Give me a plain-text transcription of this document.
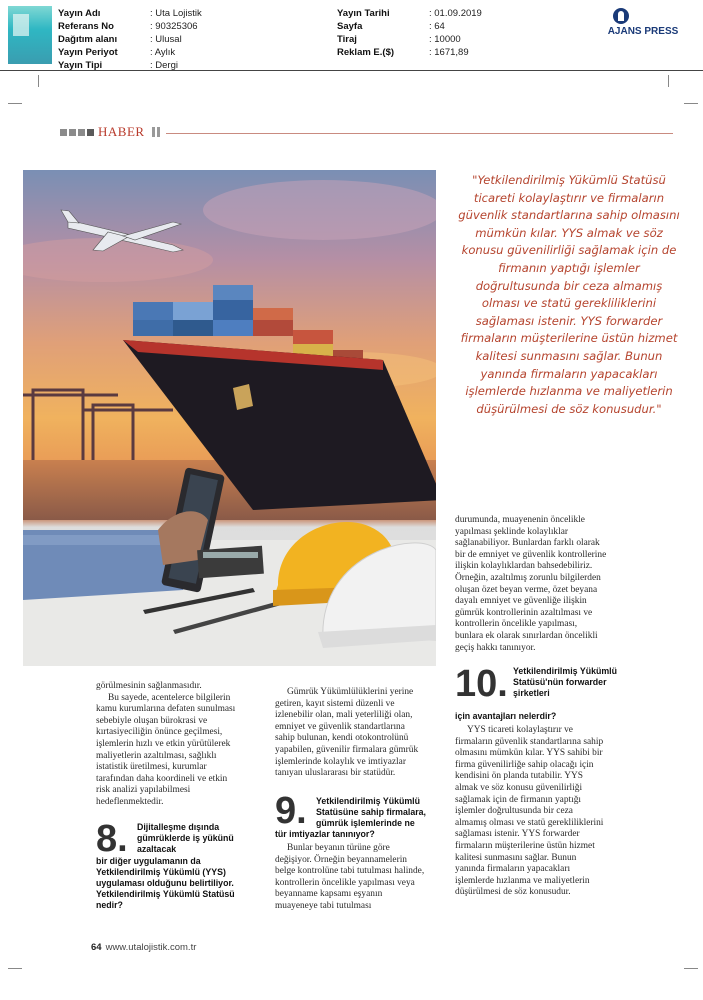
Yayın Adı	: Uta Lojistik
Referans No	: 90325306
Dağıtım alanı	: Ulusal
Yayın Periyot	: Aylık
Yayın Tipi	: Dergi
Yayın Tarihi	: 01.09.2019
Sayfa	: 64
Tiraj	: 10000
Reklam E.($)	: 1671,89
AJANS PRESS
HABER
"Yetkilendirilmiş Yükümlü Statüsü ticareti kolaylaştırır ve firmaların güvenlik standartlarına sahip olmasını mümkün kılar. YYS almak ve söz konusu güvenilirliği sağlamak için de firmanın yaptığı işlemler doğrultusunda bir ceza almamış olması ve statü gerekliliklerini sağlaması istenir. YYS forwarder firmaların müşterilerine üstün hizmet kalitesi sunmasını sağlar. Bunun yanında firmaların yapacakları işlemlerde hızlanma ve maliyetlerin düşürülmesi de söz konusudur."

görülmesinin sağlanmasıdır.

Bu sayede, acentelerce bilgilerin kamu kurumlarına defaten sunulması sebebiyle oluşan bürokrasi ve kırtasiyeciliğin önünce geçilmesi, işlemlerin hızlı ve etkin yürütülerek maliyetlerin azaltılması, sağlıklı istatistik üretilmesi, kurumlar tarafından daha koordineli ve etkin risk analizi yapılabilmesi hedeflenmektedir.

8. Dijitalleşme dışında gümrüklerde iş yükünü azaltacak
bir diğer uygulamanın da Yetkilendirilmiş Yükümlü (YYS) uygulaması olduğunu belirtiliyor. Yetkilendirilmiş Yükümlü Statüsü nedir?

Gümrük Yükümlülüklerini yerine getiren, kayıt sistemi düzenli ve izlenebilir olan, mali yeterliliği olan, emniyet ve güvenlik standartlarına sahip bulunan, kendi otokontrolünü yapabilen, güvenilir firmalara gümrük işlemlerinde kolaylık ve imtiyazlar tanıyan uluslararası bir statüdür.

9. Yetkilendirilmiş Yükümlü Statüsüne sahip firmalara, gümrük işlemlerinde ne
tür imtiyazlar tanınıyor?

Bunlar beyanın türüne göre değişiyor. Örneğin beyannamelerin belge kontrolüne tabi tutulması halinde, kontrollerin öncelikle yapılması veya beyanname kapsamı eşyanın muayeneye tabi tutulması

durumunda, muayenenin öncelikle yapılması şeklinde kolaylıklar sağlanabiliyor. Bunlardan farklı olarak bir de emniyet ve güvenlik kontrollerine ilişkin kolaylıklardan bahsedebiliriz. Örneğin, azaltılmış zorunlu bilgilerden oluşan özet beyan verme, özet beyana dayalı emniyet ve güvenliğe ilişkin gümrük kontrollerinin azaltılması ve kontrollerin öncelikle yapılması, bunlara ek olarak sınırlardan öncelikli geçiş hakkı tanınıyor.

10. Yetkilendirilmiş Yükümlü Statüsü'nün forwarder şirketleri
için avantajları nelerdir?

YYS ticareti kolaylaştırır ve firmaların güvenlik standartlarına sahip olmasını mümkün kılar. YYS sahibi bir firma güvenilirliğe sahip olacağı için kendisini ön planda tutabilir. YYS almak ve söz konusu güvenilirliği sağlamak için de firmanın yaptığı işlemler doğrultusunda bir ceza almamış olması ve statü gerekliliklerini sağlaması istenir. YYS forwarder firmaların müşterilerine üstün hizmet kalitesi sunmasını sağlar. Bunun yanında firmaların yapacakları işlemlerde hızlanma ve maliyetlerin düşürülmesi de söz konusudur.

64 www.utalojistik.com.tr
